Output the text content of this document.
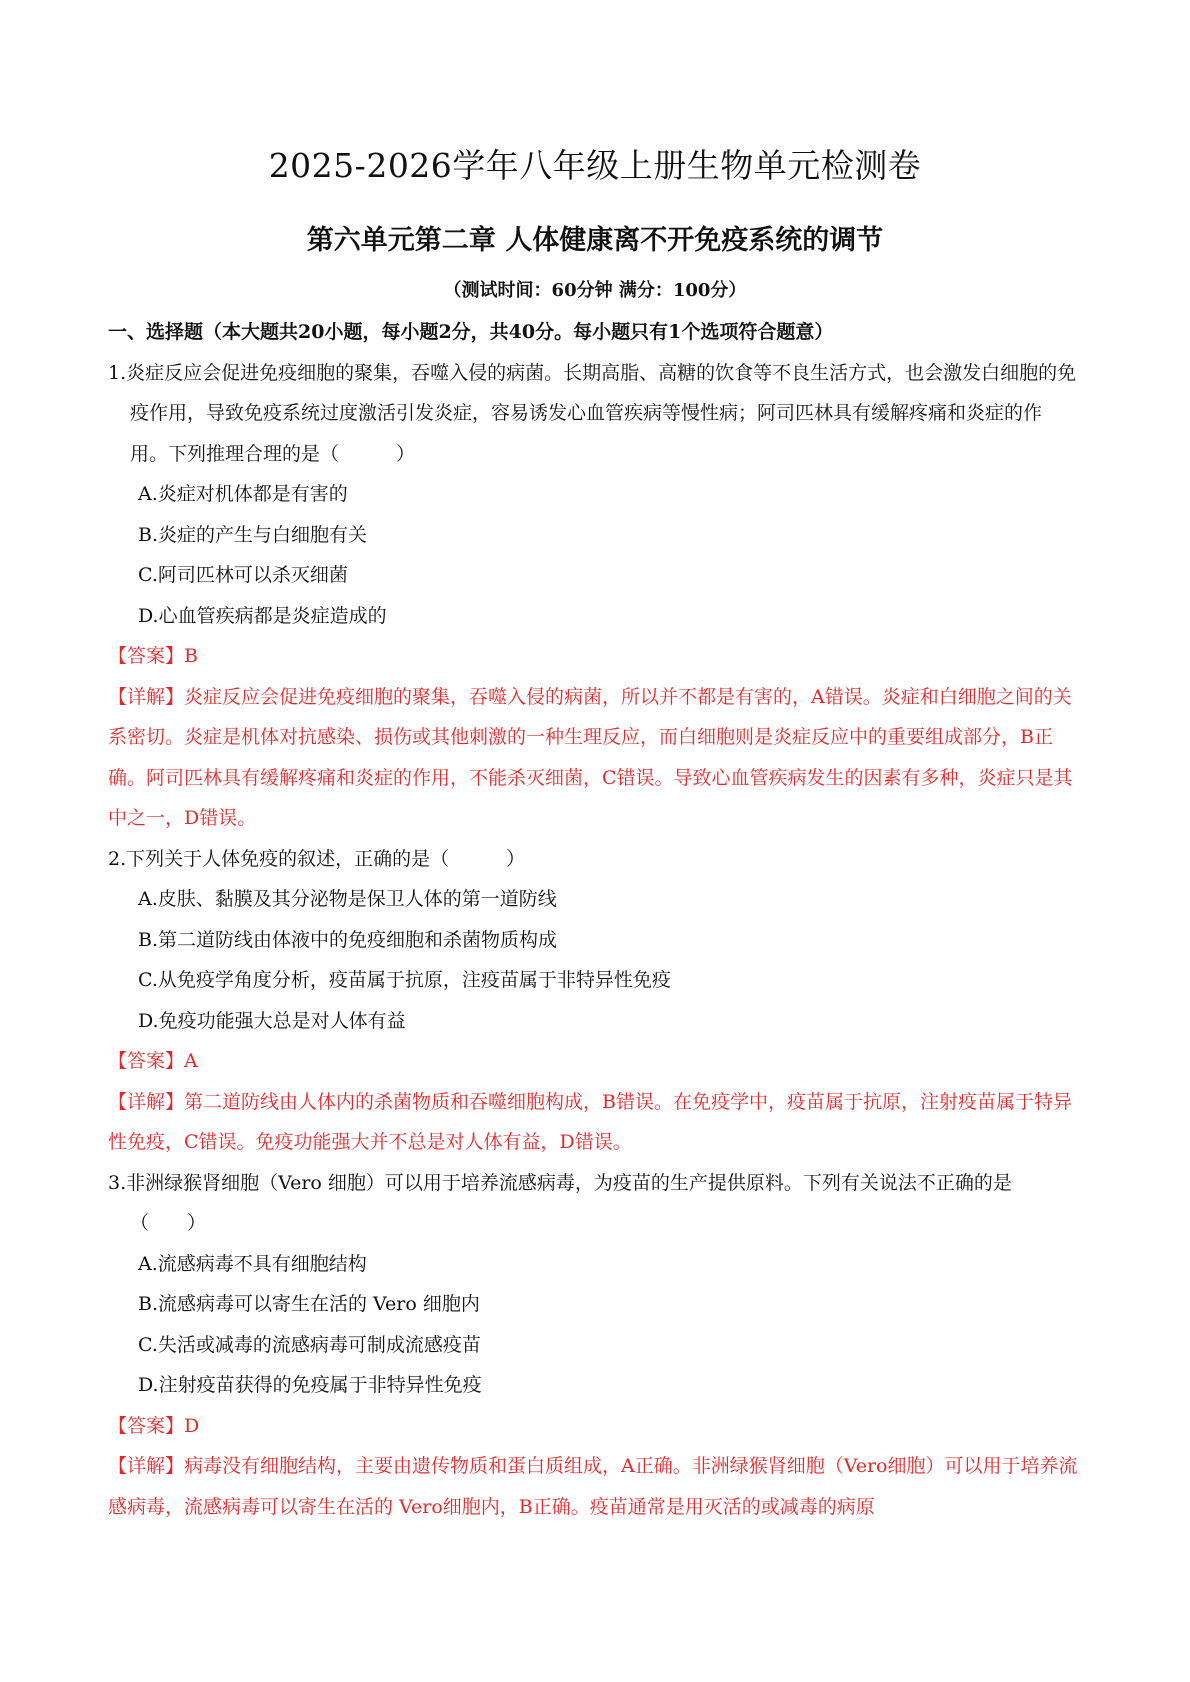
2025-2026学年八年级上册生物单元检测卷
第六单元第二章 人体健康离不开免疫系统的调节
（测试时间：60分钟 满分：100分）
一、选择题（本大题共20小题，每小题2分，共40分。每小题只有1个选项符合题意）
1.炎症反应会促进免疫细胞的聚集，吞噬入侵的病菌。长期高脂、高糖的饮食等不良生活方式，也会激发白细胞的免疫作用，导致免疫系统过度激活引发炎症，容易诱发心血管疾病等慢性病；阿司匹林具有缓解疼痛和炎症的作用。下列推理合理的是（　　　）
A.炎症对机体都是有害的
B.炎症的产生与白细胞有关
C.阿司匹林可以杀灭细菌
D.心血管疾病都是炎症造成的
【答案】B
【详解】炎症反应会促进免疫细胞的聚集，吞噬入侵的病菌，所以并不都是有害的，A错误。炎症和白细胞之间的关系密切。炎症是机体对抗感染、损伤或其他刺激的一种生理反应，而白细胞则是炎症反应中的重要组成部分，B正确。阿司匹林具有缓解疼痛和炎症的作用，不能杀灭细菌，C错误。导致心血管疾病发生的因素有多种，炎症只是其中之一，D错误。
2.下列关于人体免疫的叙述，正确的是（　　　）
A.皮肤、黏膜及其分泌物是保卫人体的第一道防线
B.第二道防线由体液中的免疫细胞和杀菌物质构成
C.从免疫学角度分析，疫苗属于抗原，注疫苗属于非特异性免疫
D.免疫功能强大总是对人体有益
【答案】A
【详解】第二道防线由人体内的杀菌物质和吞噬细胞构成，B错误。在免疫学中，疫苗属于抗原，注射疫苗属于特异性免疫，C错误。免疫功能强大并不总是对人体有益，D错误。
3.非洲绿猴肾细胞（Vero 细胞）可以用于培养流感病毒，为疫苗的生产提供原料。下列有关说法不正确的是（　　）
A.流感病毒不具有细胞结构
B.流感病毒可以寄生在活的 Vero 细胞内
C.失活或减毒的流感病毒可制成流感疫苗
D.注射疫苗获得的免疫属于非特异性免疫
【答案】D
【详解】病毒没有细胞结构，主要由遗传物质和蛋白质组成，A正确。非洲绿猴肾细胞（Vero细胞）可以用于培养流感病毒，流感病毒可以寄生在活的 Vero细胞内，B正确。疫苗通常是用灭活的或减毒的病原
